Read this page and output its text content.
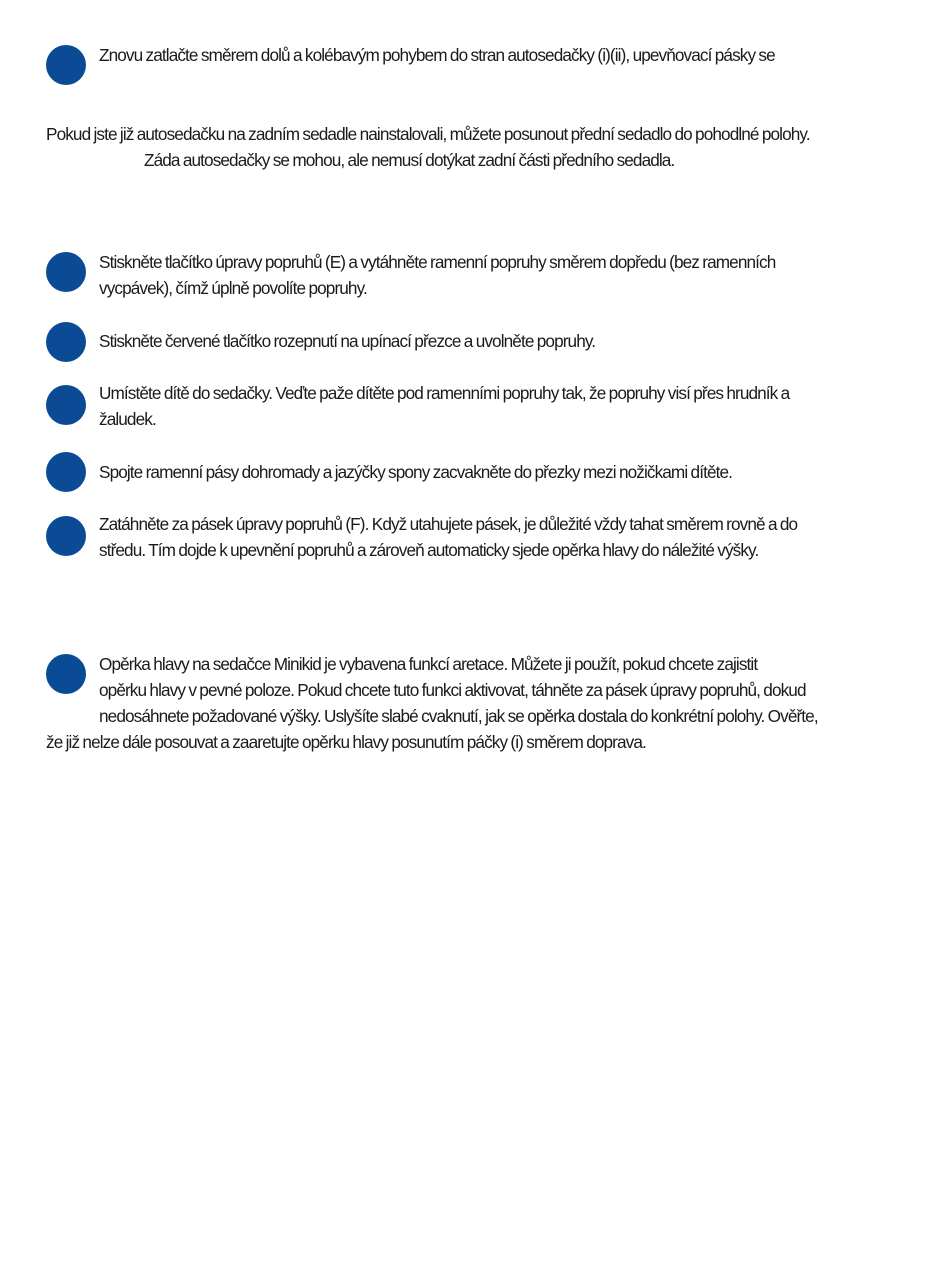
Znovu zatlačte směrem dolů a kolébavým pohybem do stran autosedačky (i)(ii), upevňovací pásky se
Pokud jste již autosedačku na zadním sedadle nainstalovali, můžete posunout přední sedadlo do pohodlné polohy.
Záda autosedačky se mohou, ale nemusí dotýkat zadní části předního sedadla.
Stiskněte tlačítko úpravy popruhů (E) a vytáhněte ramenní popruhy směrem dopředu (bez ramenních
vycpávek), čímž úplně povolíte popruhy.
Stiskněte červené tlačítko rozepnutí na upínací přezce a uvolněte popruhy.
Umístěte dítě do sedačky. Veďte paže dítěte pod ramenními popruhy tak, že popruhy visí přes hrudník a
žaludek.
Spojte ramenní pásy dohromady a jazýčky spony zacvakněte do přezky mezi nožičkami dítěte.
Zatáhněte za pásek úpravy popruhů (F). Když utahujete pásek, je důležité vždy tahat směrem rovně a do
středu. Tím dojde k upevnění popruhů a zároveň automaticky sjede opěrka hlavy do náležité výšky.
Opěrka hlavy na sedačce Minikid je vybavena funkcí aretace. Můžete ji použít, pokud chcete zajistit
opěrku hlavy v pevné poloze. Pokud chcete tuto funkci aktivovat, táhněte za pásek úpravy popruhů, dokud
nedosáhnete požadované výšky. Uslyšíte slabé cvaknutí, jak se opěrka dostala do konkrétní polohy. Ověřte,
že již nelze dále posouvat a zaaretujte opěrku hlavy posunutím páčky (i) směrem doprava.
